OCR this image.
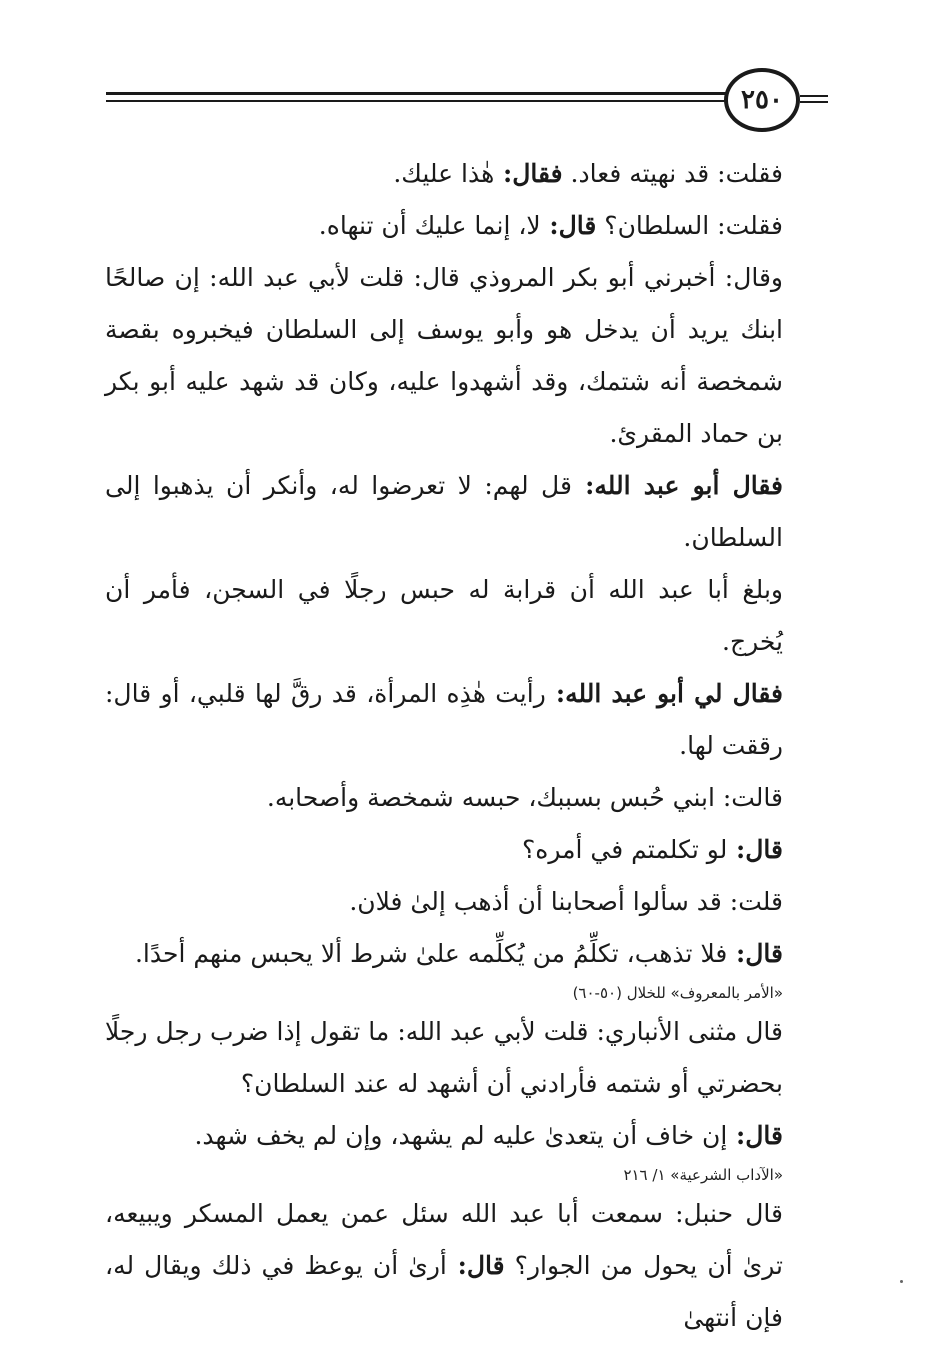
٢٥٠

فقلت: قد نهيته فعاد. فقال: هٰذا عليك.

فقلت: السلطان؟ قال: لا، إنما عليك أن تنهاه.

وقال: أخبرني أبو بكر المروذي قال: قلت لأبي عبد الله: إن صالحًا ابنك يريد أن يدخل هو وأبو يوسف إلى السلطان فيخبروه بقصة شمخصة أنه شتمك، وقد أشهدوا عليه، وكان قد شهد عليه أبو بكر بن حماد المقرئ.

فقال أبو عبد الله: قل لهم: لا تعرضوا له، وأنكر أن يذهبوا إلى السلطان.

وبلغ أبا عبد الله أن قرابة له حبس رجلًا في السجن، فأمر أن يُخرج.

فقال لي أبو عبد الله: رأيت هٰذِه المرأة، قد رقَّ لها قلبي، أو قال: رققت لها.

قالت: ابني حُبس بسببك، حبسه شمخصة وأصحابه.

قال: لو تكلمتم في أمره؟

قلت: قد سألوا أصحابنا أن أذهب إلىٰ فلان.

قال: فلا تذهب، تكلِّمُ من يُكلِّمه علىٰ شرط ألا يحبس منهم أحدًا.

«الأمر بالمعروف» للخلال (٥٠-٦٠)

قال مثنى الأنباري: قلت لأبي عبد الله: ما تقول إذا ضرب رجل رجلًا بحضرتي أو شتمه فأرادني أن أشهد له عند السلطان؟

قال: إن خاف أن يتعدىٰ عليه لم يشهد، وإن لم يخف شهد.

«الآداب الشرعية» ١/ ٢١٦

قال حنبل: سمعت أبا عبد الله سئل عمن يعمل المسكر ويبيعه، ترىٰ أن يحول من الجوار؟ قال: أرىٰ أن يوعظ في ذلك ويقال له، فإن أنتهىٰ
